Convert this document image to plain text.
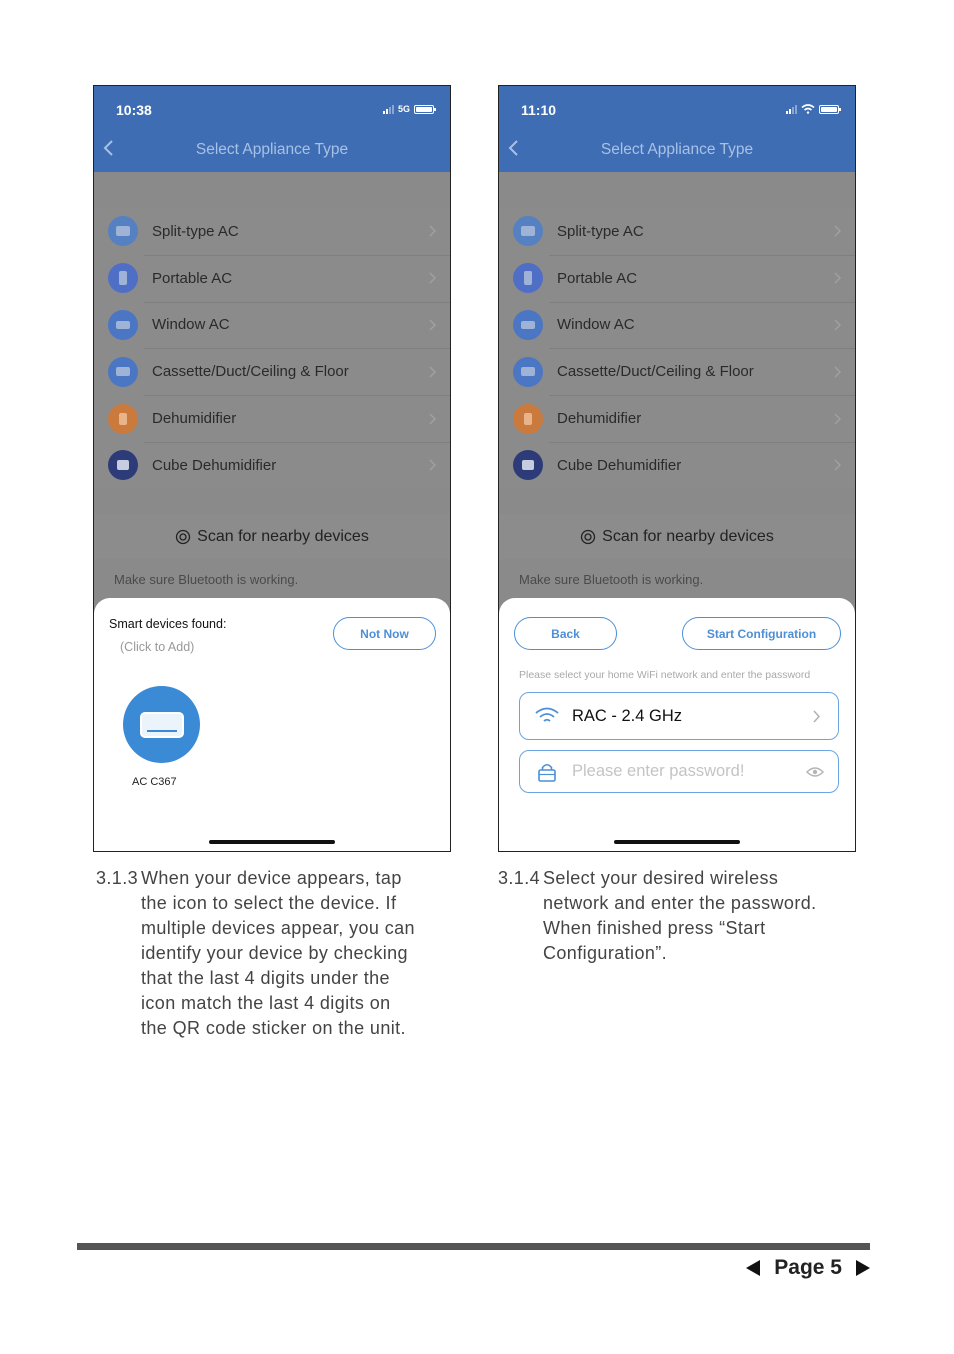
10:38	5G
Select Appliance Type
Split-type AC
Portable AC
Window AC
Cassette/Duct/Ceiling & Floor
Dehumidifier
Cube Dehumidifier
Scan for nearby devices
Make sure Bluetooth is working.
Smart devices found:
(Click to Add)
Not Now
AC C367
11:10
Select Appliance Type
Split-type AC
Portable AC
Window AC
Cassette/Duct/Ceiling & Floor
Dehumidifier
Cube Dehumidifier
Scan for nearby devices
Make sure Bluetooth is working.
Back	Start Configuration
Please select your home WiFi network and enter the password
RAC - 2.4 GHz
Please enter password!
3.1.3 When your device appears, tap
the icon to select the device. If
multiple devices appear, you can
identify your device by checking
that the last 4 digits under the
icon match the last 4 digits on
the QR code sticker on the unit.
3.1.4 Select your desired wireless
network and enter the password.
When finished press “Start
Configuration”.
Page 5
